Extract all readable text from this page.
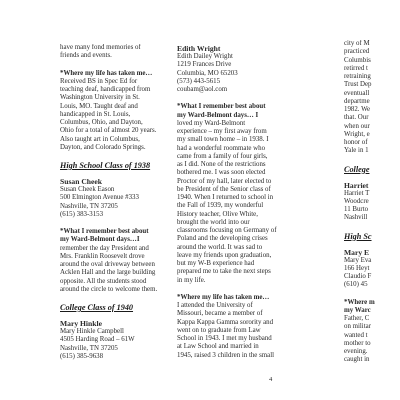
have many fond memories of

friends and events.

*Where my life has taken me…

Received BS in Spec Ed for

teaching deaf, handicapped from

Washington University in St.

Louis, MO. Taught deaf and

handicapped in St. Louis,

Columbus, Ohio, and Dayton,

Ohio for a total of almost 20 years.

Also taught art in Columbus,

Dayton, and Colorado Springs.

High School Class of 1938

Susan Cheek

Susan Cheek Eason

500 Elmington Avenue #333

Nashville, TN 37205

(615) 383-3153

*What I remember best about

my Ward-Belmont days…I

remember the day President and

Mrs. Franklin Roosevelt drove

around the oval driveway between

Acklen Hall and the large building

opposite. All the students stood

around the circle to welcome them.

College Class of 1940

Mary Hinkle

Mary Hinkle Campbell

4505 Harding Road – 61W

Nashville, TN 37205

(615) 385-9638

Edith Wright

Edith Dailey Wright

1219 Frances Drive

Columbia, MO 65203

(573) 443-5615

coubam@aol.com

*What I remember best about

my Ward-Belmont days… I

loved my Ward-Belmont

experience – my first away from

my small town home – in 1938. I

had a wonderful roommate who

came from a family of four girls,

as I did. None of the restrictions

bothered me. I was soon elected

Proctor of my hall, later elected to

be President of the Senior class of

1940. When I returned to school in

the Fall of 1939, my wonderful

History teacher, Olive White,

brought the world into our

classrooms focusing on Germany of

Poland and the developing crises

around the world. It was sad to

leave my friends upon graduation,

but my W-B experience had

prepared me to take the next steps

in my life.

*Where my life has taken me…

I attended the University of

Missouri, became a member of

Kappa Kappa Gamma sorority and

went on to graduate from Law

School in 1943. I met my husband

at Law School and married in

1945, raised 3 children in the small

city of M

practiced

Columbis

retirred t

retraining

Trust Dep

eventuall

departme

1982. We

that. Our

when our

Wright, e

honor of

Yale in 1

College

Harriet

Harriet T

Woodcre

11 Burto

Nashvill

High Sc

Mary E

Mary Eva

166 Heyt

Claudio F

(610) 45

*Where m

my Warc

Father, C

on militar

wanted t

mother to

evening.

caught in

4
